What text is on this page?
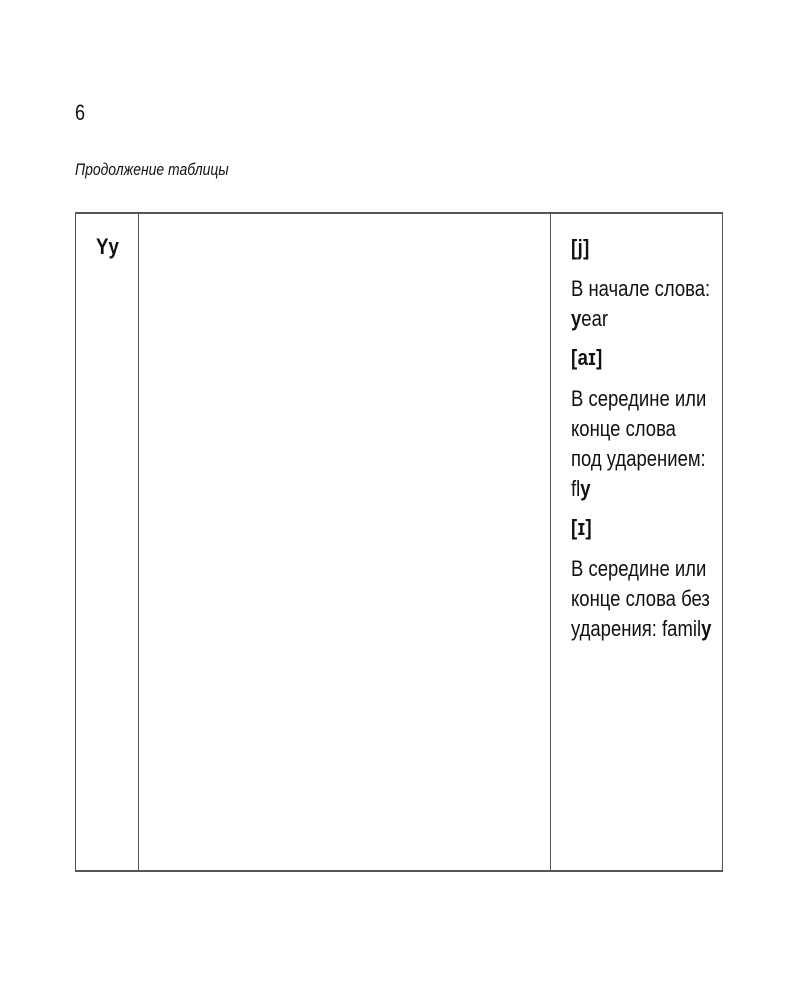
6
Продолжение таблицы
Yy	[j]
В начале слова:
year
[aɪ]
В середине или
конце слова
под ударением:
fly
[ɪ]
В середине или
конце слова без
ударения: family
